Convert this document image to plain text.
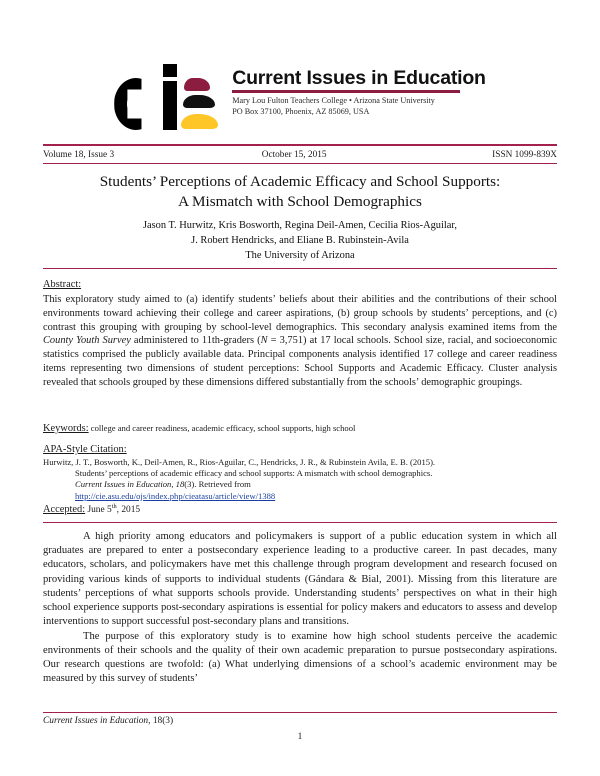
Current Issues in Education
Mary Lou Fulton Teachers College • Arizona State University
PO Box 37100, Phoenix, AZ 85069, USA
Volume 18, Issue 3	October 15, 2015	ISSN 1099-839X
Students’ Perceptions of Academic Efficacy and School Supports:
A Mismatch with School Demographics
Jason T. Hurwitz, Kris Bosworth, Regina Deil-Amen, Cecilia Rios-Aguilar,
J. Robert Hendricks, and Eliane B. Rubinstein-Avila
The University of Arizona
Abstract:
This exploratory study aimed to (a) identify students’ beliefs about their abilities and the contributions of their school environments toward achieving their college and career aspirations, (b) group schools by students’ perceptions, and (c) contrast this grouping with grouping by school-level demographics. This secondary analysis examined items from the County Youth Survey administered to 11th-graders (N = 3,751) at 17 local schools. School size, racial, and socioeconomic statistics comprised the publicly available data. Principal components analysis identified 17 college and career readiness items representing two dimensions of student perceptions: School Supports and Academic Efficacy. Cluster analysis revealed that schools grouped by these dimensions differed substantially from the schools’ demographic groupings.
Keywords: college and career readiness, academic efficacy, school supports, high school
APA-Style Citation:
Hurwitz, J. T., Bosworth, K., Deil-Amen, R., Rios-Aguilar, C., Hendricks, J. R., & Rubinstein Avila, E. B. (2015).
Students’ perceptions of academic efficacy and school supports: A mismatch with school demographics.
Current Issues in Education, 18(3). Retrieved from
http://cie.asu.edu/ojs/index.php/cieatasu/article/view/1388
Accepted: June 5th, 2015

A high priority among educators and policymakers is support of a public education system in which all graduates are prepared to enter a postsecondary experience leading to a productive career. In past decades, many educators, scholars, and policymakers have met this challenge through program development and research focused on providing various kinds of supports to individual students (Gándara & Bial, 2001). Missing from this literature are students’ perceptions of what supports schools provide. Understanding students’ perspectives on what in their high school experience supports post-secondary aspirations is essential for policy makers and educators to assess and develop interventions to support successful post-secondary plans and transitions.

The purpose of this exploratory study is to examine how high school students perceive the academic environments of their schools and the quality of their own academic preparation to pursue postsecondary aspirations. Our research questions are twofold: (a) What underlying dimensions of a school’s academic environment may be measured by this survey of students’

Current Issues in Education, 18(3)
1
